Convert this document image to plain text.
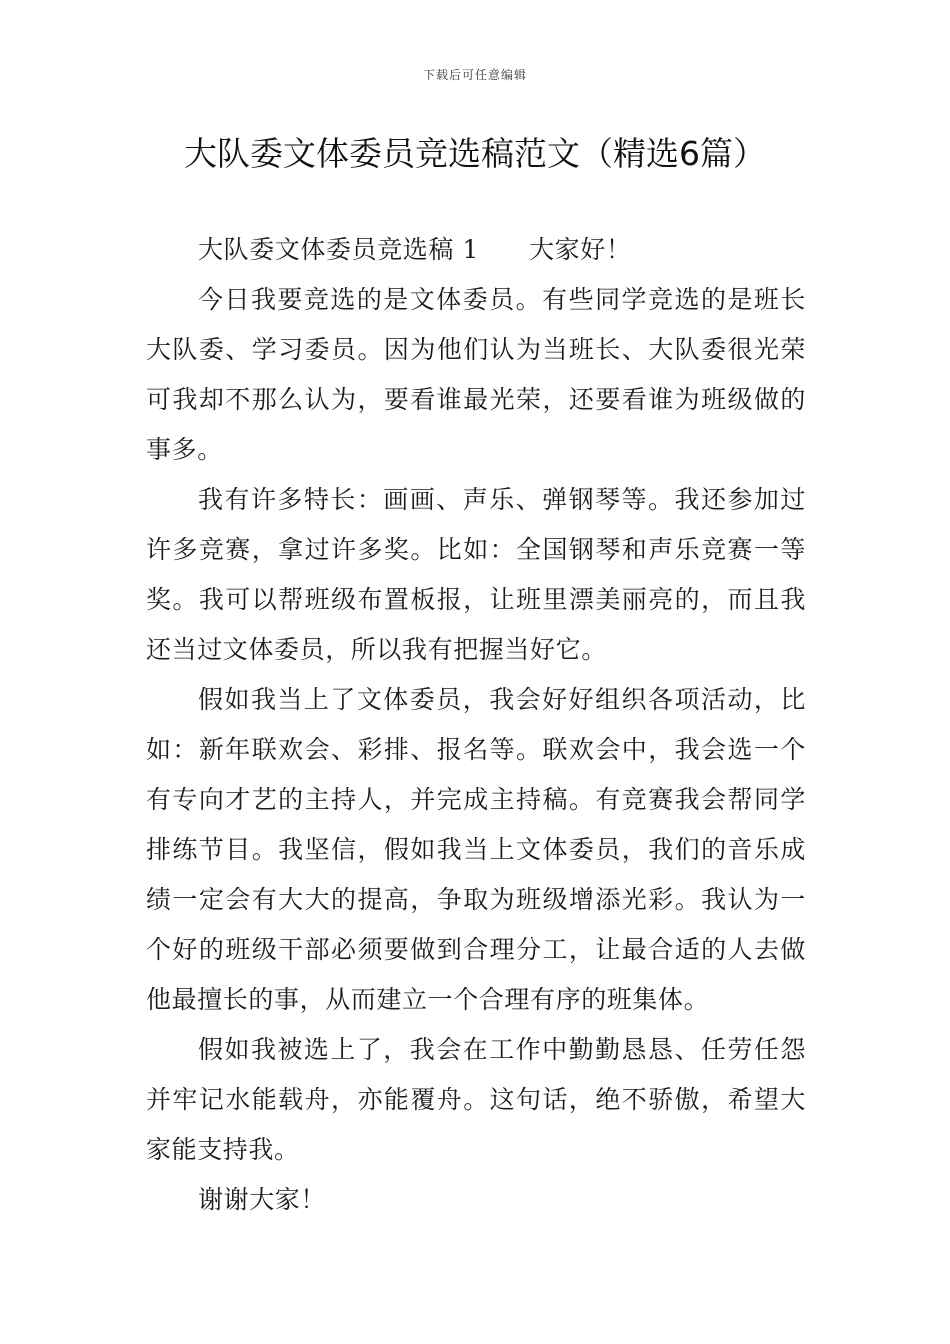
下载后可任意编辑
大队委文体委员竞选稿范文（精选6篇）

大队委文体委员竞选稿 1 大家好！

今日我要竞选的是文体委员。有些同学竞选的是班长大队委、学习委员。因为他们认为当班长、大队委很光荣可我却不那么认为，要看谁最光荣，还要看谁为班级做的事多。

我有许多特长：画画、声乐、弹钢琴等。我还参加过许多竞赛，拿过许多奖。比如：全国钢琴和声乐竞赛一等奖。我可以帮班级布置板报，让班里漂美丽亮的，而且我还当过文体委员，所以我有把握当好它。

假如我当上了文体委员，我会好好组织各项活动，比如：新年联欢会、彩排、报名等。联欢会中，我会选一个有专向才艺的主持人，并完成主持稿。有竞赛我会帮同学排练节目。我坚信，假如我当上文体委员，我们的音乐成绩一定会有大大的提高，争取为班级增添光彩。我认为一个好的班级干部必须要做到合理分工，让最合适的人去做他最擅长的事，从而建立一个合理有序的班集体。

假如我被选上了，我会在工作中勤勤恳恳、任劳任怨并牢记水能载舟，亦能覆舟。这句话，绝不骄傲，希望大家能支持我。

谢谢大家！
